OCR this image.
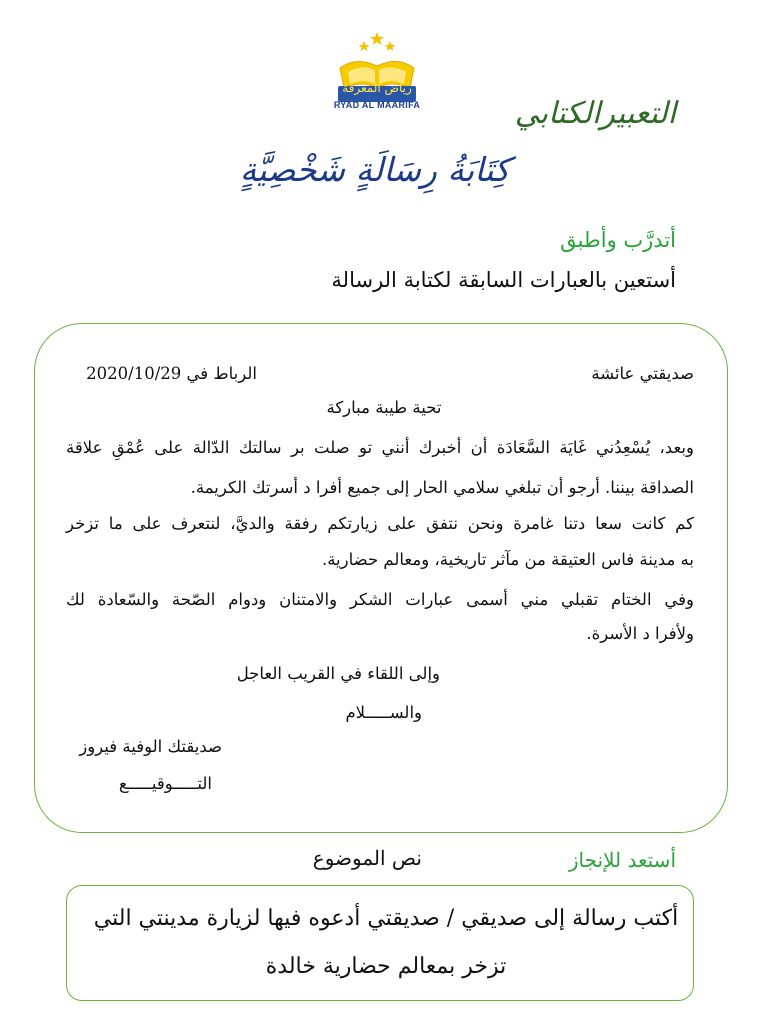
رياض المعرفة
RYAD AL MAARIFA	التعبيرالكتابي
كِتَابَةُ رِسَالَةٍ شَخْصِيَّةٍ
أتدرَّب وأطبق
أستعين بالعبارات السابقة لكتابة الرسالة
صديقتي عائشة
الرباط في 2020/10/29
تحية طيبة مباركة
وبعد، يُسْعِدُني غَايَة السَّعَادَة أن أخبرك أنني تو صلت بر سالتك الدّالة على عُمْقِ علاقة
الصداقة بيننا. أرجو أن تبلغي سلامي الحار إلى جميع أفرا د أسرتك الكريمة.
كم كانت سعا دتنا غامرة ونحن نتفق على زيارتكم رفقة والديَّ، لنتعرف على ما تزخر
به مدينة فاس العتيقة من مآثر تاريخية، ومعالم حضارية.
وفي الختام تقبلي مني أسمى عبارات الشكر والامتنان ودوام الصّحة والسّعادة لك
ولأفرا د الأسرة.
وإلى اللقاء في القريب العاجل
والســـــلام
صديقتك الوفية فيروز
التـــــوقيـــــع
أستعد للإنجاز
نص الموضوع
أكتب رسالة إلى صديقي / صديقتي أدعوه فيها لزيارة مدينتي التي
تزخر بمعالم حضارية خالدة
